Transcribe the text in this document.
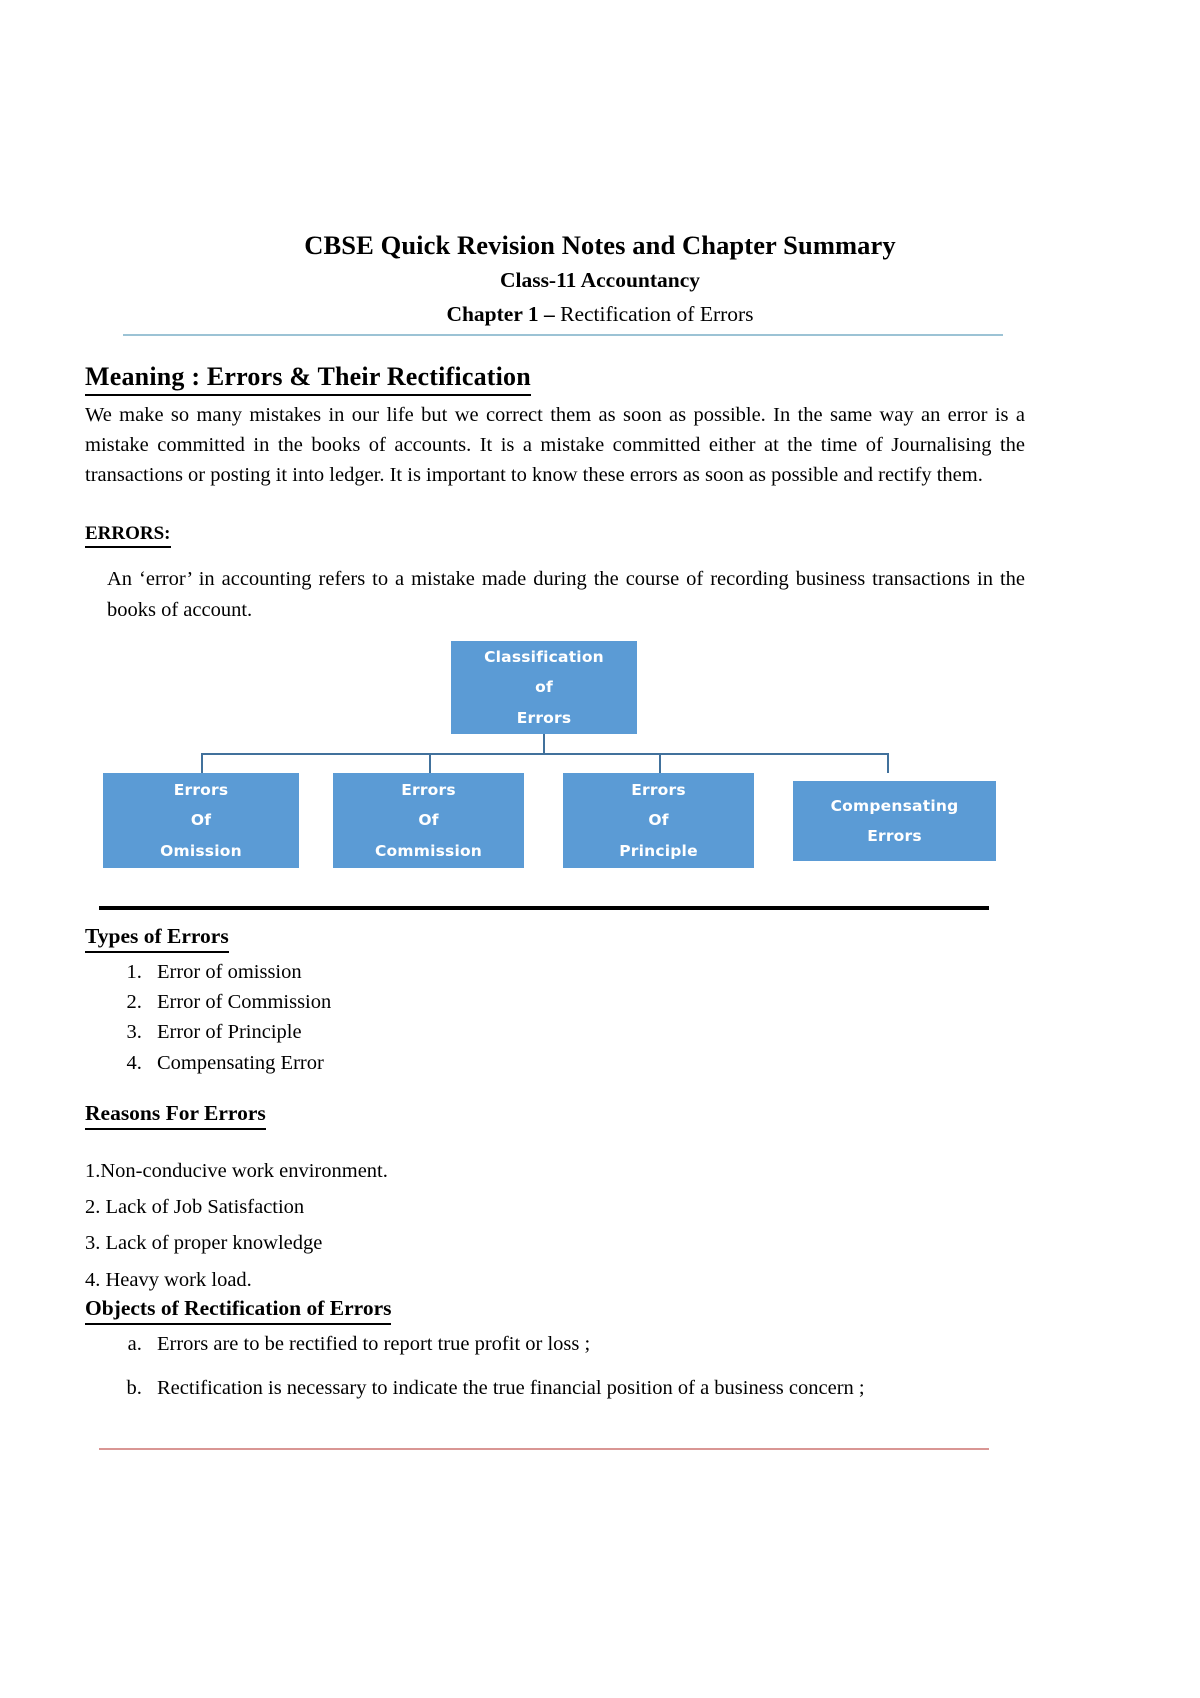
CBSE Quick Revision Notes and Chapter Summary
Class-11 Accountancy
Chapter 1 – Rectification of Errors
Meaning : Errors & Their Rectification

We make so many mistakes in our life but we correct them as soon as possible. In the same way an error is a mistake committed in the books of accounts. It is a mistake committed either at the time of Journalising the transactions or posting it into ledger. It is important to know these errors as soon as possible and rectify them.

ERRORS:

An ‘error’ in accounting refers to a mistake made during the course of recording business transactions in the books of account.

Classification
of
Errors
Errors
Of
Omission
Errors
Of
Commission
Errors
Of
Principle
Compensating
Errors
Types of Errors
1. Error of omission
2. Error of Commission
3. Error of Principle
4. Compensating Error
Reasons For Errors
1.Non-conducive work environment.
2. Lack of Job Satisfaction
3. Lack of proper knowledge
4. Heavy work load.
Objects of Rectification of Errors
a. Errors are to be rectified to report true profit or loss ;
b. Rectification is necessary to indicate the true financial position of a business concern ;
